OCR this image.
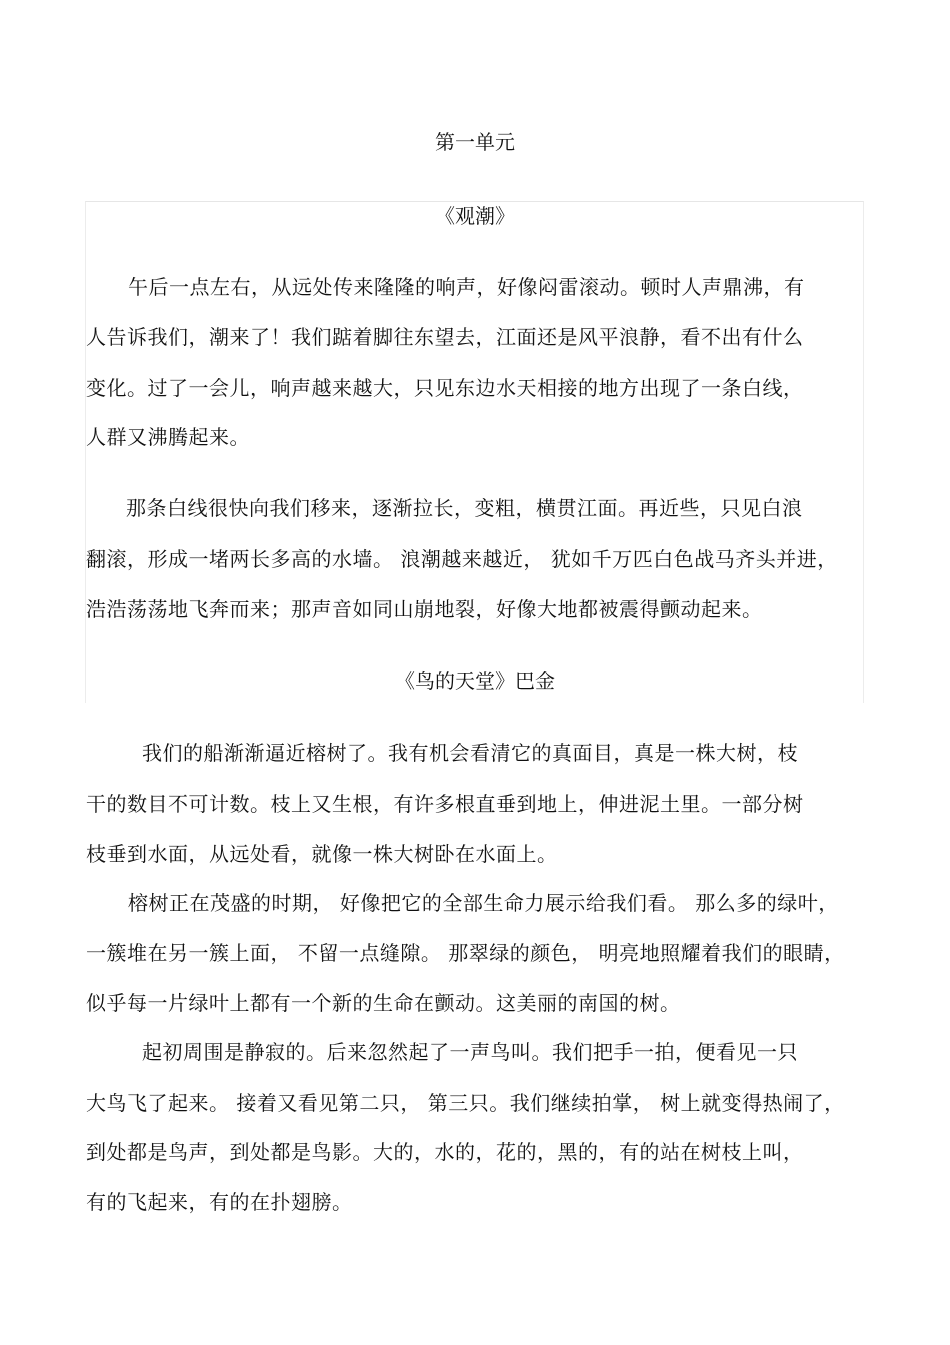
第一单元
《观潮》
午后一点左右，从远处传来隆隆的响声，好像闷雷滚动。顿时人声鼎沸，有
人告诉我们，潮来了！我们踮着脚往东望去，江面还是风平浪静，看不出有什么
变化。过了一会儿，响声越来越大，只见东边水天相接的地方出现了一条白线，
人群又沸腾起来。
那条白线很快向我们移来，逐渐拉长，变粗，横贯江面。再近些，只见白浪
翻滚，形成一堵两长多高的水墙。 浪潮越来越近， 犹如千万匹白色战马齐头并进，
浩浩荡荡地飞奔而来；那声音如同山崩地裂，好像大地都被震得颤动起来。
《鸟的天堂》巴金
我们的船渐渐逼近榕树了。我有机会看清它的真面目，真是一株大树，枝
干的数目不可计数。枝上又生根，有许多根直垂到地上，伸进泥土里。一部分树
枝垂到水面，从远处看，就像一株大树卧在水面上。
榕树正在茂盛的时期， 好像把它的全部生命力展示给我们看。 那么多的绿叶，
一簇堆在另一簇上面， 不留一点缝隙。 那翠绿的颜色， 明亮地照耀着我们的眼睛，
似乎每一片绿叶上都有一个新的生命在颤动。这美丽的南国的树。
起初周围是静寂的。后来忽然起了一声鸟叫。我们把手一拍，便看见一只
大鸟飞了起来。 接着又看见第二只， 第三只。我们继续拍掌， 树上就变得热闹了，
到处都是鸟声，到处都是鸟影。大的，水的，花的，黑的，有的站在树枝上叫，
有的飞起来，有的在扑翅膀。
